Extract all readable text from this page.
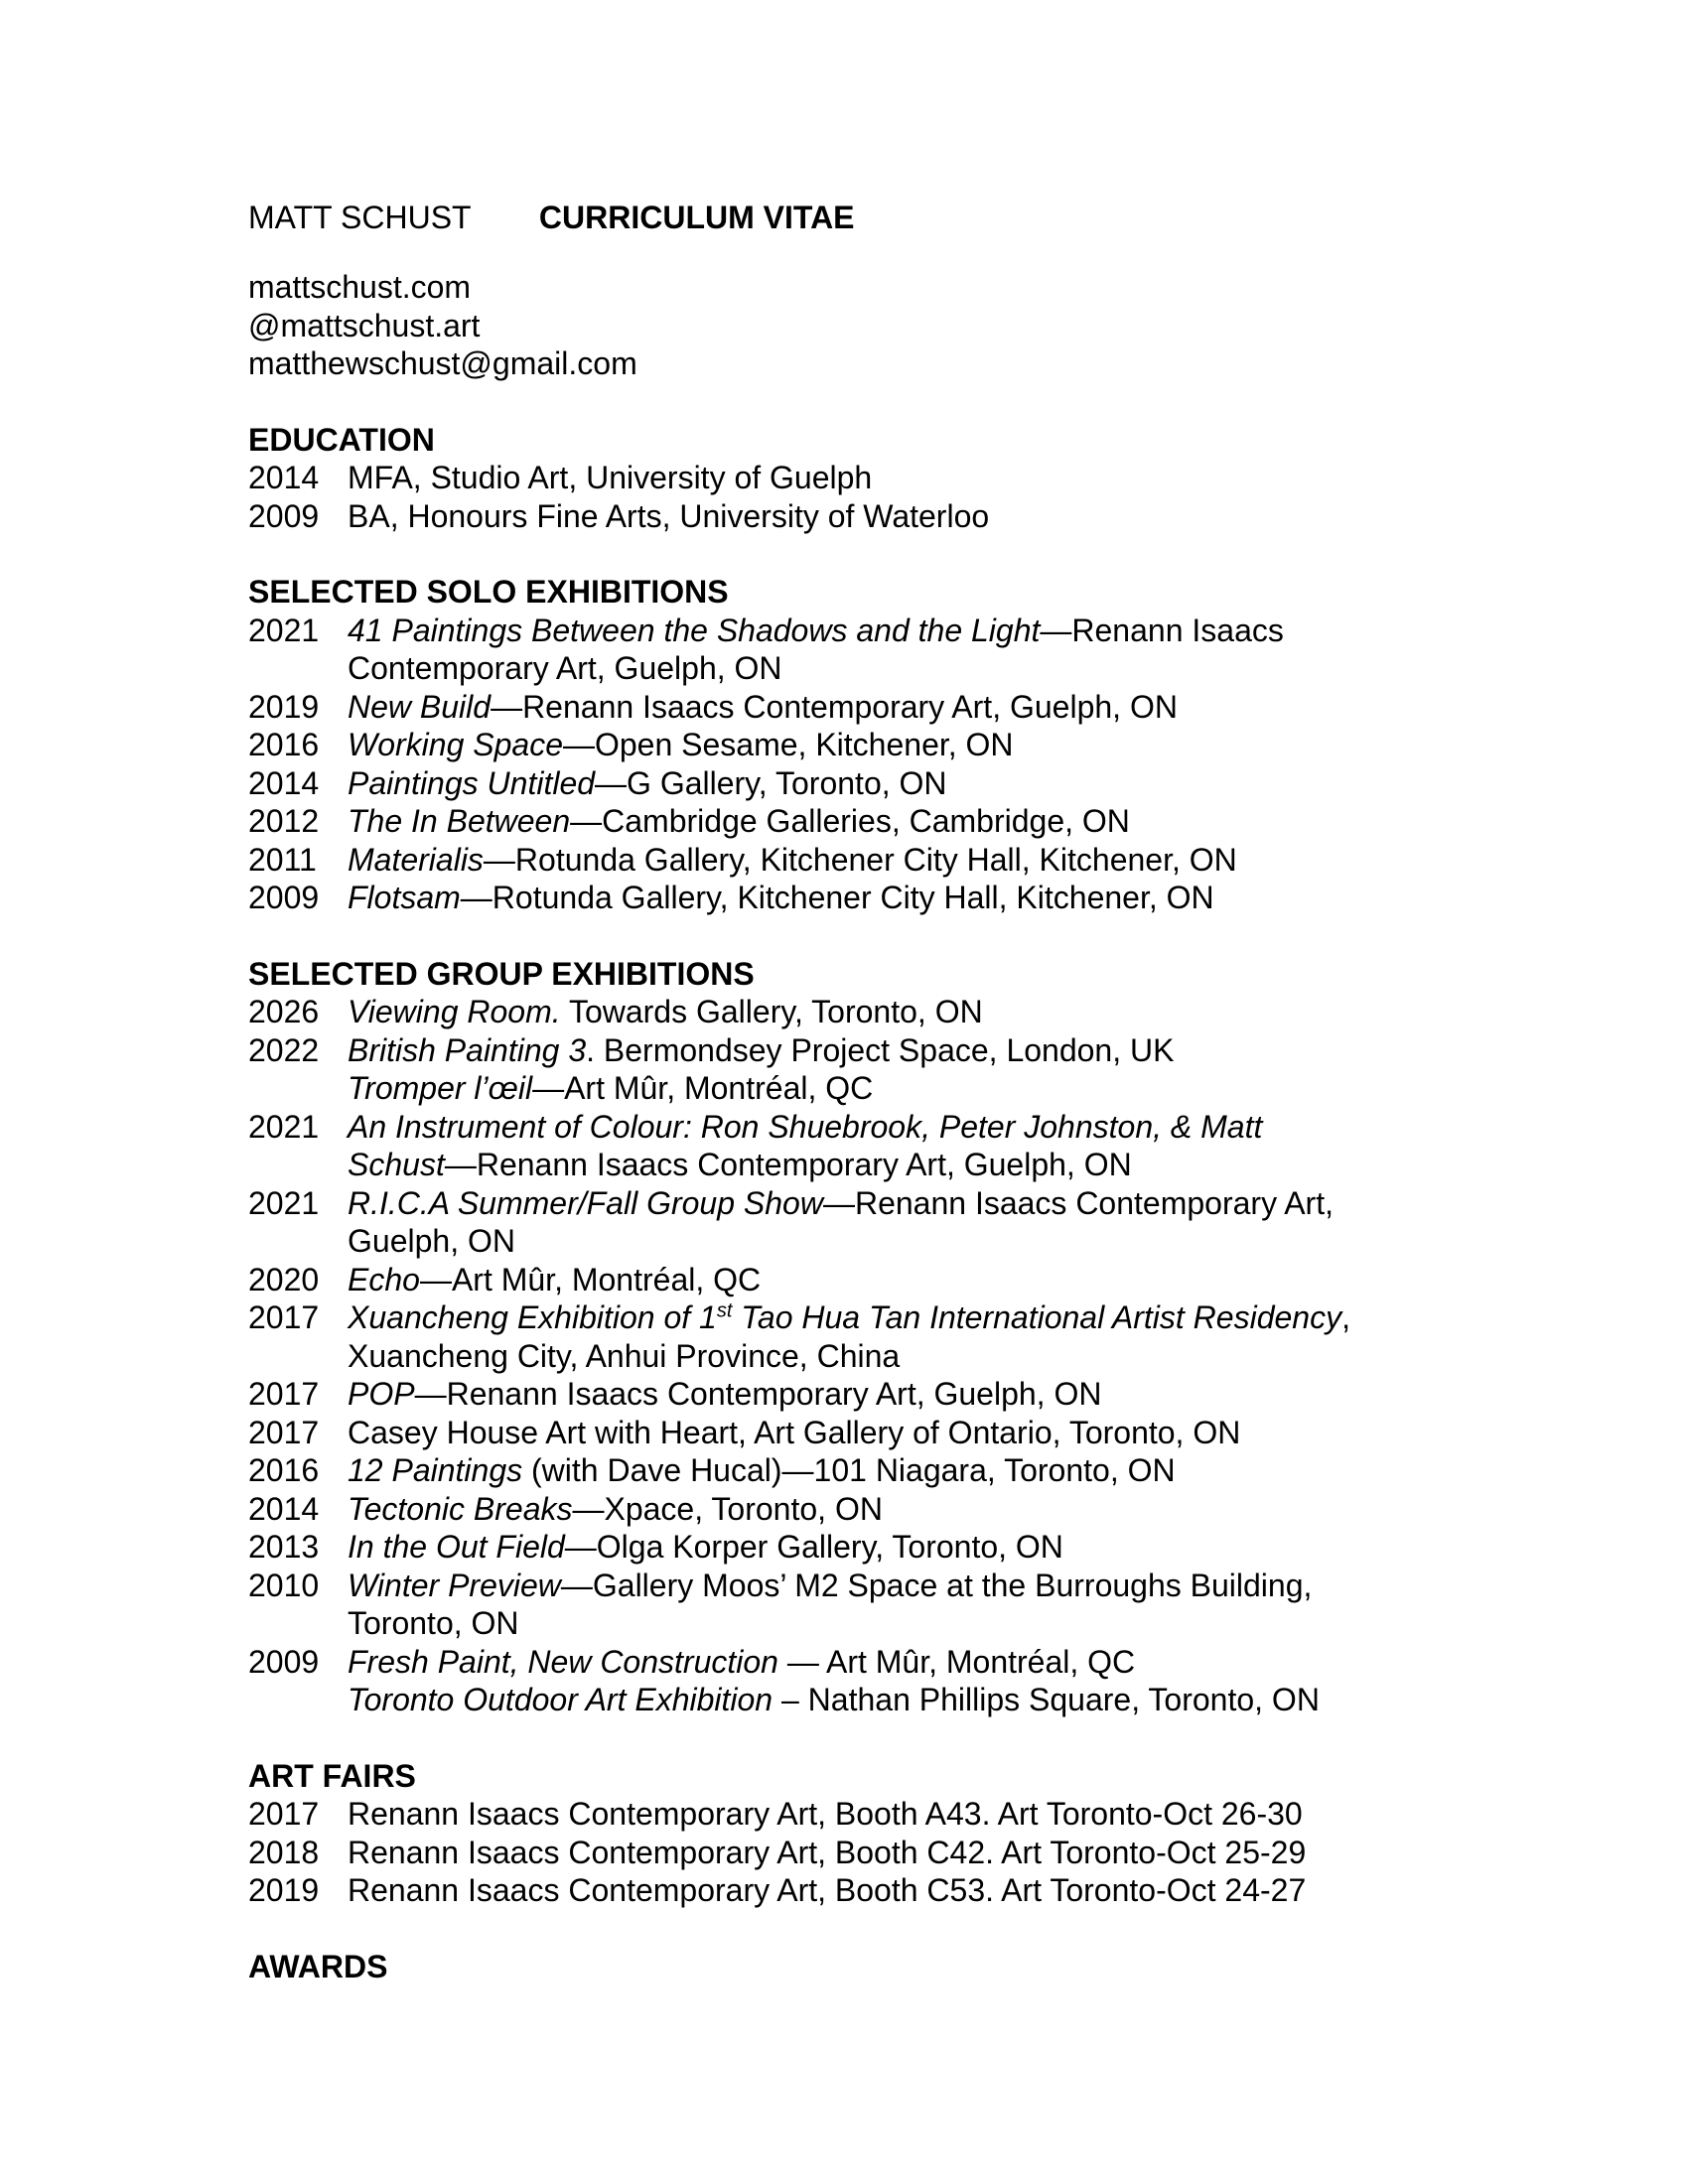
MATT SCHUST CURRICULUM VITAE
mattschust.com
@mattschust.art
matthewschust@gmail.com
EDUCATION
2014 MFA, Studio Art, University of Guelph
2009 BA, Honours Fine Arts, University of Waterloo
SELECTED SOLO EXHIBITIONS
2021 41 Paintings Between the Shadows and the Light—Renann Isaacs
Contemporary Art, Guelph, ON
2019 New Build—Renann Isaacs Contemporary Art, Guelph, ON
2016 Working Space—Open Sesame, Kitchener, ON
2014 Paintings Untitled—G Gallery, Toronto, ON
2012 The In Between—Cambridge Galleries, Cambridge, ON
2011 Materialis—Rotunda Gallery, Kitchener City Hall, Kitchener, ON
2009 Flotsam—Rotunda Gallery, Kitchener City Hall, Kitchener, ON
SELECTED GROUP EXHIBITIONS
2026 Viewing Room. Towards Gallery, Toronto, ON
2022 British Painting 3. Bermondsey Project Space, London, UK
Tromper l’œil—Art Mûr, Montréal, QC
2021 An Instrument of Colour: Ron Shuebrook, Peter Johnston, & Matt
Schust—Renann Isaacs Contemporary Art, Guelph, ON
2021 R.I.C.A Summer/Fall Group Show—Renann Isaacs Contemporary Art,
Guelph, ON
2020 Echo—Art Mûr, Montréal, QC
2017 Xuancheng Exhibition of 1st Tao Hua Tan International Artist Residency,
Xuancheng City, Anhui Province, China
2017 POP—Renann Isaacs Contemporary Art, Guelph, ON
2017 Casey House Art with Heart, Art Gallery of Ontario, Toronto, ON
2016 12 Paintings (with Dave Hucal)—101 Niagara, Toronto, ON
2014 Tectonic Breaks—Xpace, Toronto, ON
2013 In the Out Field—Olga Korper Gallery, Toronto, ON
2010 Winter Preview—Gallery Moos’ M2 Space at the Burroughs Building,
Toronto, ON
2009 Fresh Paint, New Construction — Art Mûr, Montréal, QC
Toronto Outdoor Art Exhibition – Nathan Phillips Square, Toronto, ON
ART FAIRS
2017 Renann Isaacs Contemporary Art, Booth A43. Art Toronto-Oct 26-30
2018 Renann Isaacs Contemporary Art, Booth C42. Art Toronto-Oct 25-29
2019 Renann Isaacs Contemporary Art, Booth C53. Art Toronto-Oct 24-27
AWARDS
